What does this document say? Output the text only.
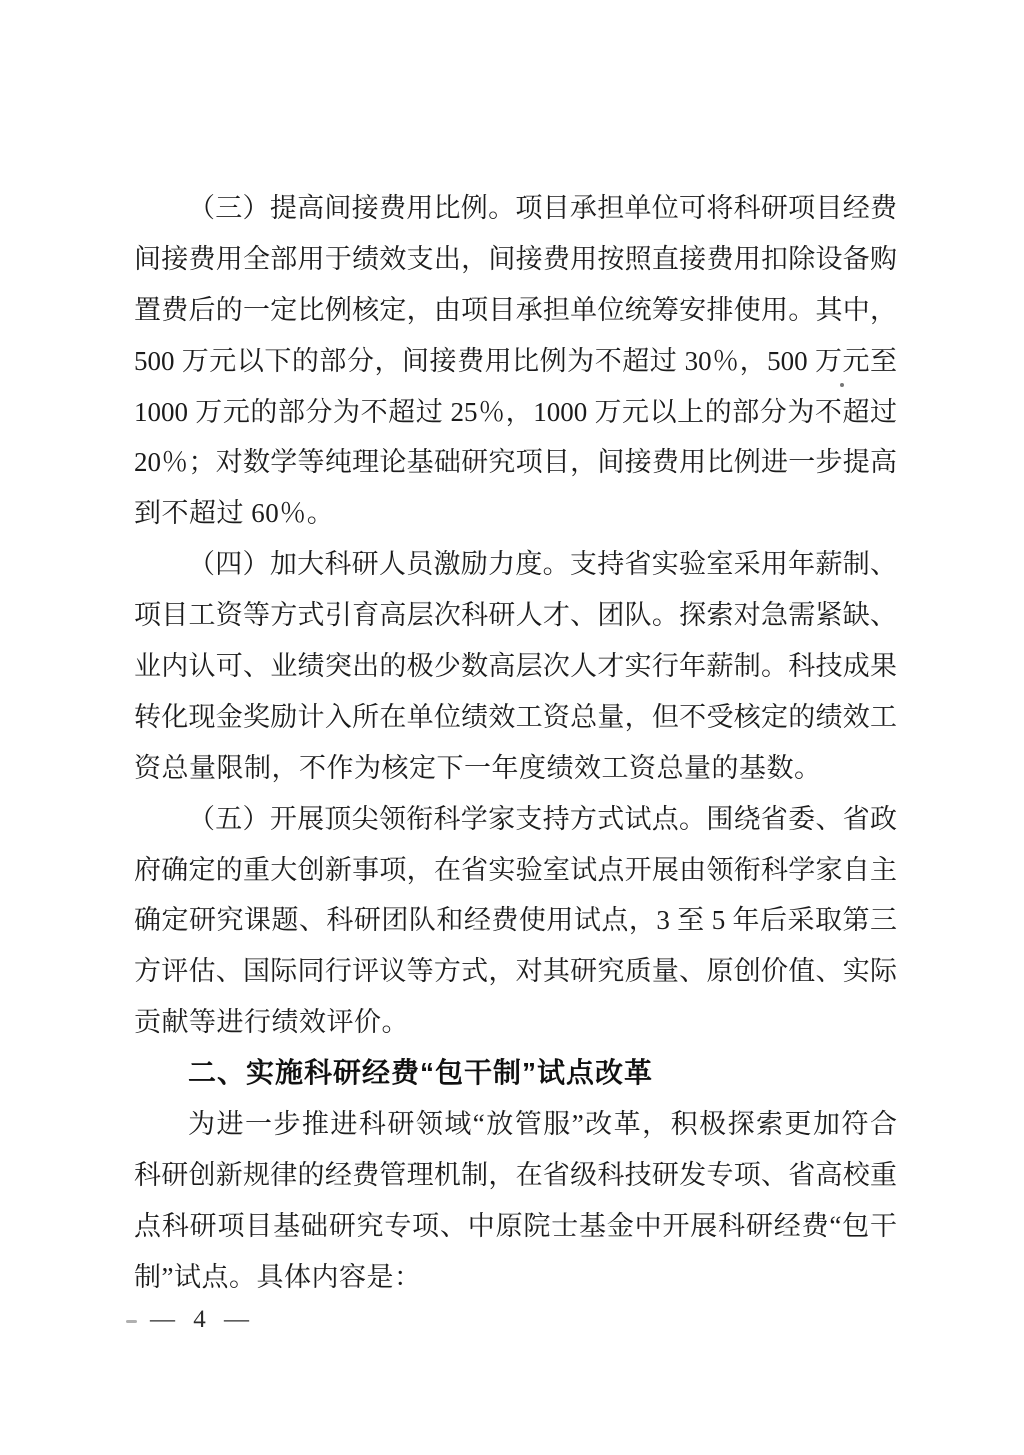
（三）提高间接费用比例。项目承担单位可将科研项目经费
间接费用全部用于绩效支出，间接费用按照直接费用扣除设备购
置费后的一定比例核定，由项目承担单位统筹安排使用。其中，
500 万元以下的部分，间接费用比例为不超过 30％，500 万元至
1000 万元的部分为不超过 25％，1000 万元以上的部分为不超过
20％；对数学等纯理论基础研究项目，间接费用比例进一步提高
到不超过 60％。
（四）加大科研人员激励力度。支持省实验室采用年薪制、
项目工资等方式引育高层次科研人才、团队。探索对急需紧缺、
业内认可、业绩突出的极少数高层次人才实行年薪制。科技成果
转化现金奖励计入所在单位绩效工资总量，但不受核定的绩效工
资总量限制，不作为核定下一年度绩效工资总量的基数。
（五）开展顶尖领衔科学家支持方式试点。围绕省委、省政
府确定的重大创新事项，在省实验室试点开展由领衔科学家自主
确定研究课题、科研团队和经费使用试点，3 至 5 年后采取第三
方评估、国际同行评议等方式，对其研究质量、原创价值、实际
贡献等进行绩效评价。
二、实施科研经费“包干制”试点改革
为进一步推进科研领域“放管服”改革，积极探索更加符合
科研创新规律的经费管理机制，在省级科技研发专项、省高校重
点科研项目基础研究专项、中原院士基金中开展科研经费“包干
制”试点。具体内容是：
— 4 —
